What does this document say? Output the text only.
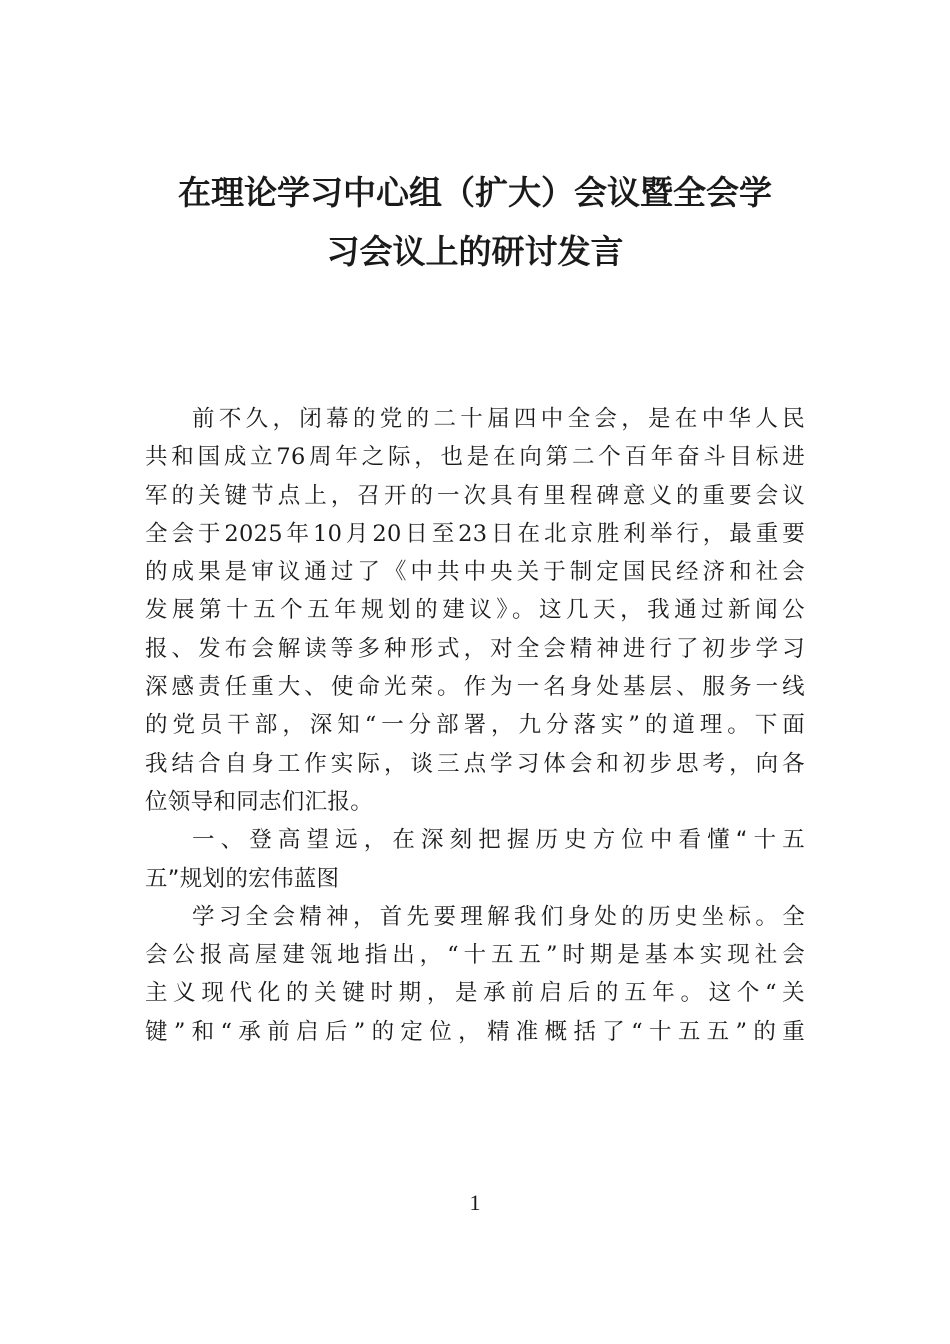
在理论学习中心组（扩大）会议暨全会学
习会议上的研讨发言
前不久，闭幕的党的二十届四中全会，是在中华人民
共和国成立76周年之际，也是在向第二个百年奋斗目标进
军的关键节点上，召开的一次具有里程碑意义的重要会议
全会于2025年10月20日至23日在北京胜利举行，最重要
的成果是审议通过了《中共中央关于制定国民经济和社会
发展第十五个五年规划的建议》。这几天，我通过新闻公
报、发布会解读等多种形式，对全会精神进行了初步学习
深感责任重大、使命光荣。作为一名身处基层、服务一线
的党员干部，深知“一分部署，九分落实”的道理。下面
我结合自身工作实际，谈三点学习体会和初步思考，向各
位领导和同志们汇报。
一、登高望远，在深刻把握历史方位中看懂“十五
五”规划的宏伟蓝图
学习全会精神，首先要理解我们身处的历史坐标。全
会公报高屋建瓴地指出，“十五五”时期是基本实现社会
主义现代化的关键时期，是承前启后的五年。这个“关
键”和“承前启后”的定位，精准概括了“十五五”的重
1
